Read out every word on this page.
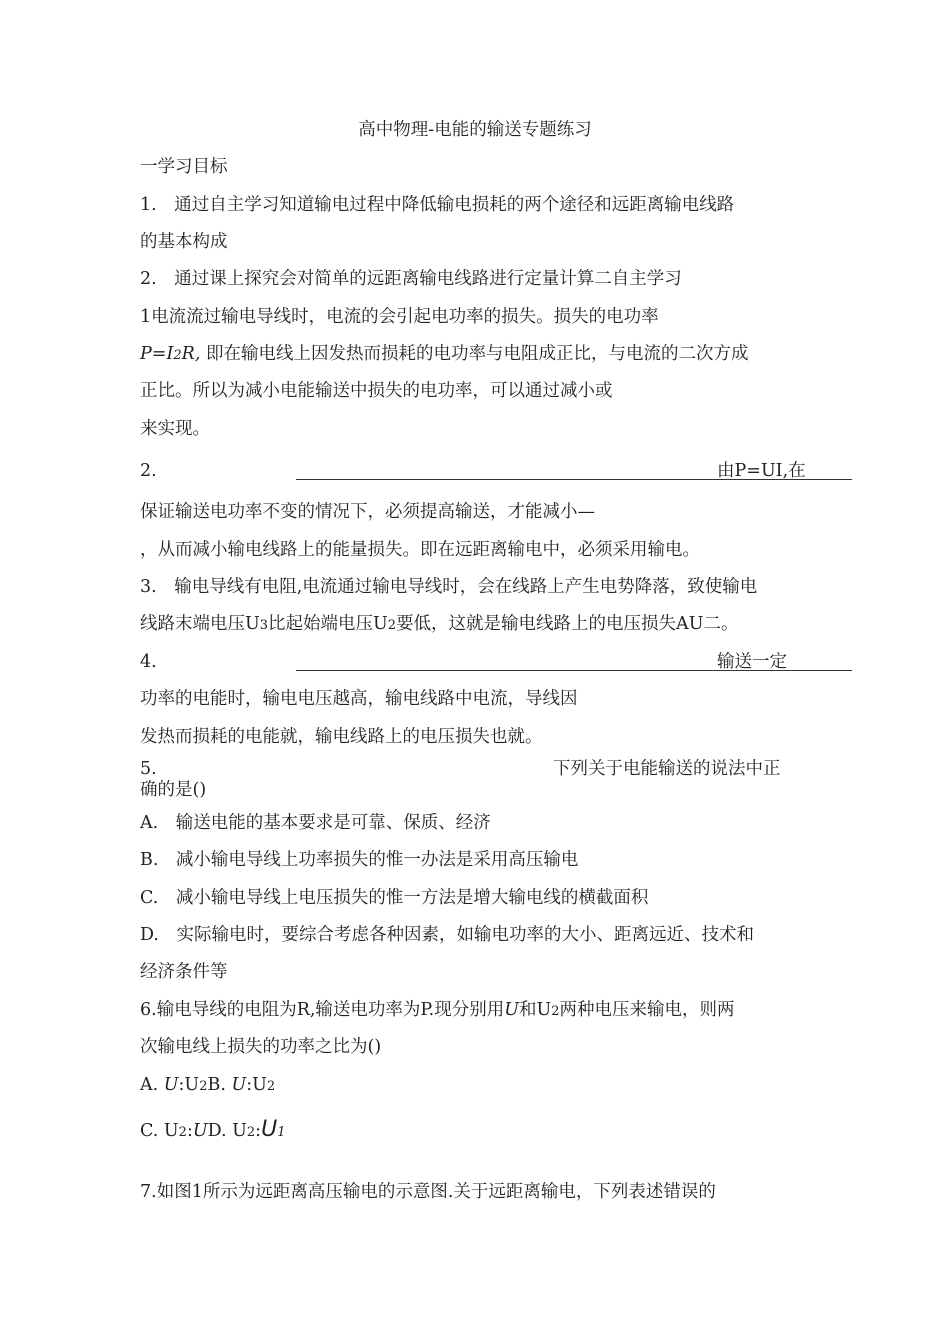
高中物理-电能的输送专题练习
一学习目标
1.　通过自主学习知道输电过程中降低输电损耗的两个途径和远距离输电线路
的基本构成
2.　通过课上探究会对简单的远距离输电线路进行定量计算二自主学习
1电流流过输电导线时，电流的会引起电功率的损失。损失的电功率
P=I2R, 即在输电线上因发热而损耗的电功率与电阻成正比，与电流的二次方成
正比。所以为减小电能输送中损失的电功率，可以通过减小或
来实现。
2.	由P=UI,在
保证输送电功率不变的情况下，必须提高输送，才能减小—
，从而减小输电线路上的能量损失。即在远距离输电中，必须采用输电。
3.　输电导线有电阻,电流通过输电导线时，会在线路上产生电势降落，致使输电
线路末端电压U3比起始端电压U2要低，这就是输电线路上的电压损失AU二。
4.	输送一定
功率的电能时，输电电压越高，输电线路中电流，导线因
发热而损耗的电能就，输电线路上的电压损失也就。
5.	下列关于电能输送的说法中正
确的是()
A.　输送电能的基本要求是可靠、保质、经济
B.　减小输电导线上功率损失的惟一办法是采用高压输电
C.　减小输电导线上电压损失的惟一方法是增大输电线的横截面积
D.　实际输电时，要综合考虑各种因素，如输电功率的大小、距离远近、技术和
经济条件等
6.输电导线的电阻为R,输送电功率为P.现分别用U和U2两种电压来输电，则两
次输电线上损失的功率之比为()
A. U:U2B. U:U2
C. U2:UD. U2:U1
7.如图1所示为远距离高压输电的示意图.关于远距离输电，下列表述错误的
